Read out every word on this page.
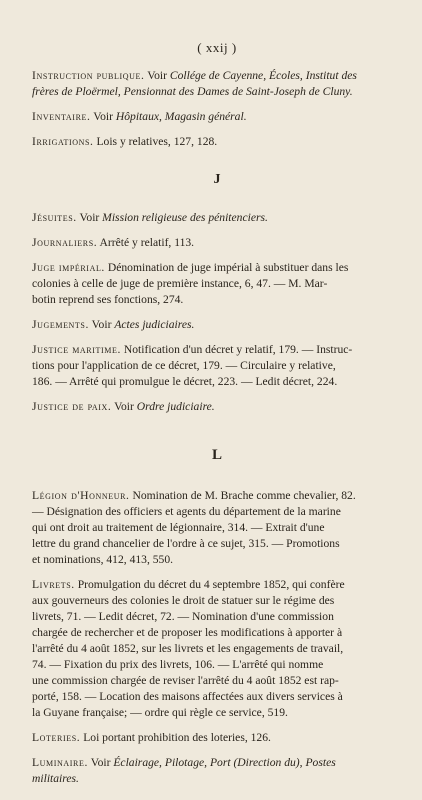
( xxij )
Instruction publique. Voir Collége de Cayenne, Écoles, Institut des
frères de Ploërmel, Pensionnat des Dames de Saint-Joseph de Cluny.
Inventaire. Voir Hôpitaux, Magasin général.
Irrigations. Lois y relatives, 127, 128.
J
Jésuites. Voir Mission religieuse des pénitenciers.
Journaliers. Arrêté y relatif, 113.
Juge impérial. Dénomination de juge impérial à substituer dans les
colonies à celle de juge de première instance, 6, 47. — M. Mar-
botin reprend ses fonctions, 274.
Jugements. Voir Actes judiciaires.
Justice maritime. Notification d'un décret y relatif, 179. — Instruc-
tions pour l'application de ce décret, 179. — Circulaire y relative,
186. — Arrêté qui promulgue le décret, 223. — Ledit décret, 224.
Justice de paix. Voir Ordre judiciaire.
L
Légion d'Honneur. Nomination de M. Brache comme chevalier, 82.
— Désignation des officiers et agents du département de la marine
qui ont droit au traitement de légionnaire, 314. — Extrait d'une
lettre du grand chancelier de l'ordre à ce sujet, 315. — Promotions
et nominations, 412, 413, 550.
Livrets. Promulgation du décret du 4 septembre 1852, qui confère
aux gouverneurs des colonies le droit de statuer sur le régime des
livrets, 71. — Ledit décret, 72. — Nomination d'une commission
chargée de rechercher et de proposer les modifications à apporter à
l'arrêté du 4 août 1852, sur les livrets et les engagements de travail,
74. — Fixation du prix des livrets, 106. — L'arrêté qui nomme
une commission chargée de reviser l'arrêté du 4 août 1852 est rap-
porté, 158. — Location des maisons affectées aux divers services à
la Guyane française; — ordre qui règle ce service, 519.
Loteries. Loi portant prohibition des loteries, 126.
Luminaire. Voir Éclairage, Pilotage, Port (Direction du), Postes
militaires.
